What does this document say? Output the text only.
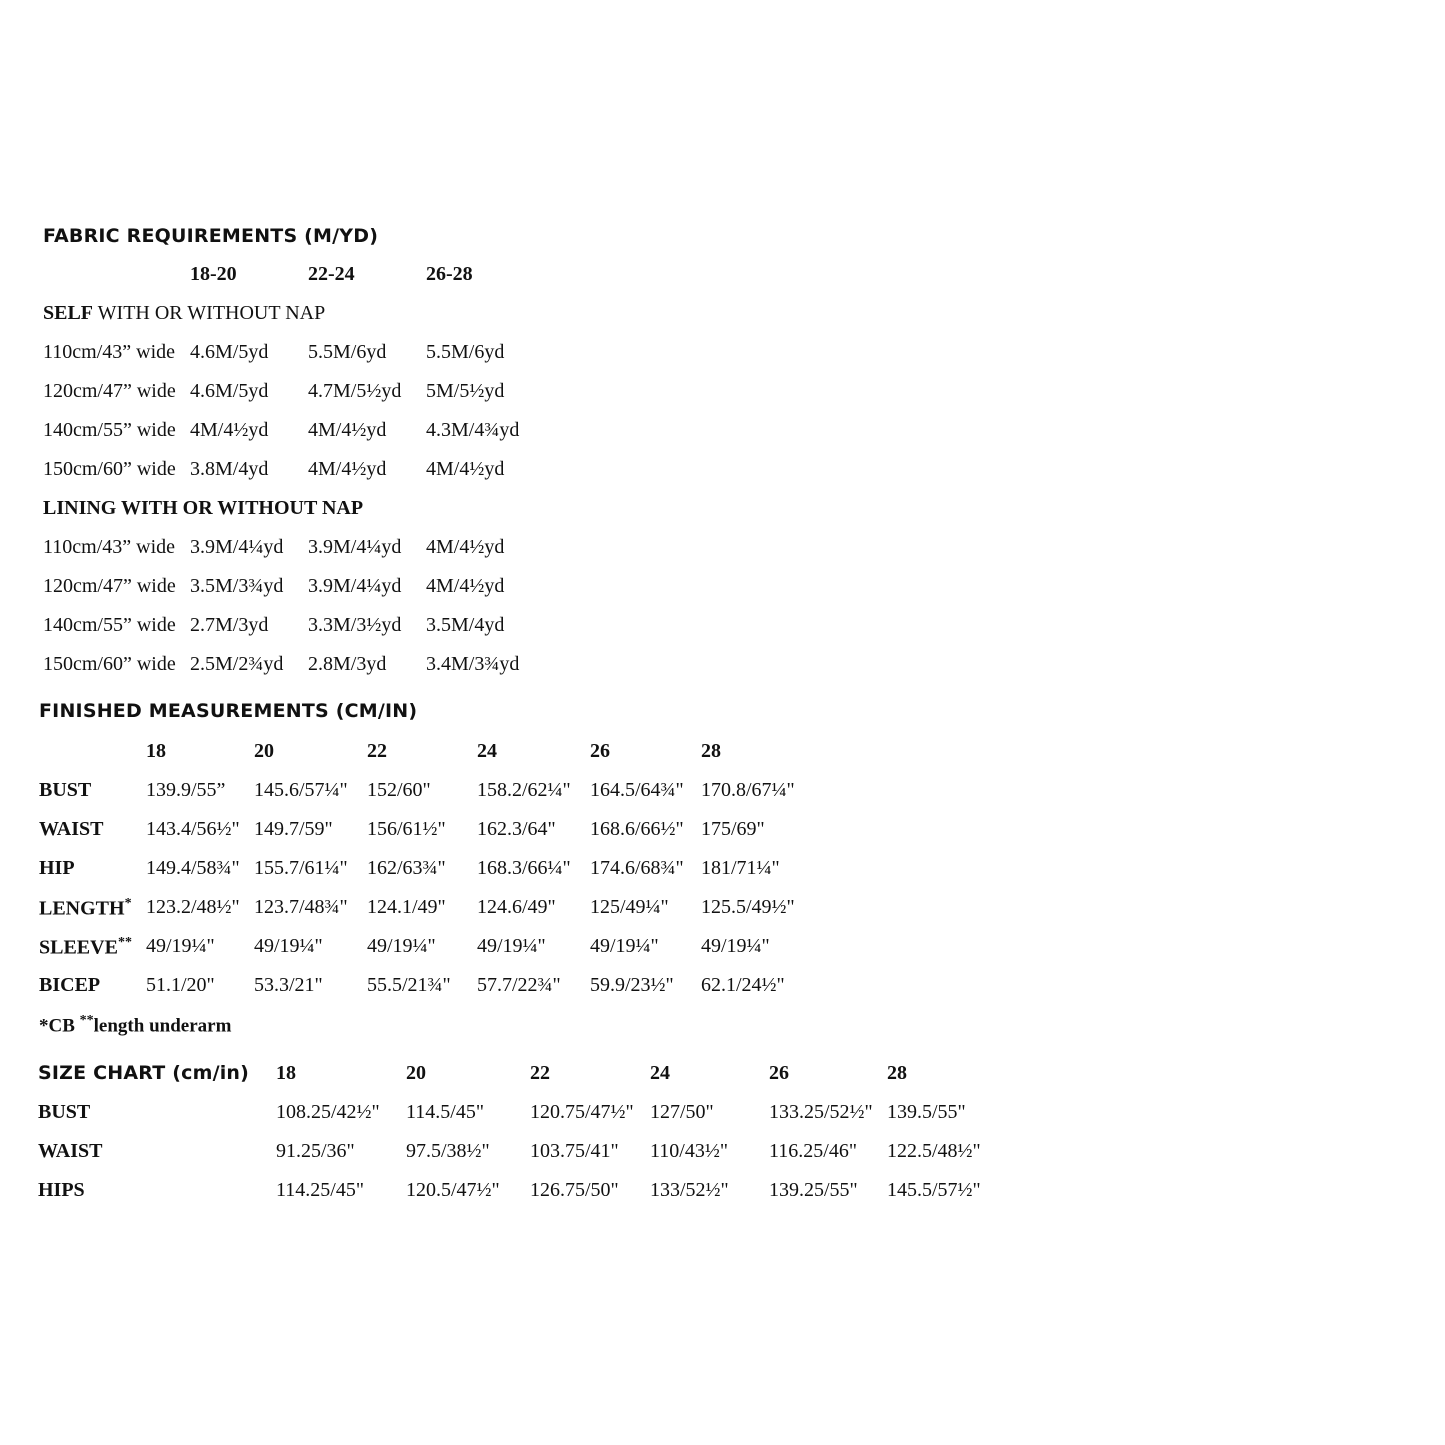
FABRIC REQUIREMENTS (M/YD)
18-20	22-24	26-28
SELF WITH OR WITHOUT NAP
110cm/43” wide 4.6M/5yd 5.5M/6yd 5.5M/6yd
120cm/47” wide 4.6M/5yd 4.7M/5½yd 5M/5½yd
140cm/55” wide 4M/4½yd 4M/4½yd 4.3M/4¾yd
150cm/60” wide 3.8M/4yd 4M/4½yd 4M/4½yd
LINING WITH OR WITHOUT NAP
110cm/43” wide 3.9M/4¼yd 3.9M/4¼yd 4M/4½yd
120cm/47” wide 3.5M/3¾yd 3.9M/4¼yd 4M/4½yd
140cm/55” wide 2.7M/3yd 3.3M/3½yd 3.5M/4yd
150cm/60” wide 2.5M/2¾yd 2.8M/3yd 3.4M/3¾yd
FINISHED MEASUREMENTS (CM/IN)
18	20	22	24	26	28
BUST	139.9/55” 145.6/57¼" 152/60" 158.2/62¼" 164.5/64¾" 170.8/67¼"
WAIST 143.4/56½" 149.7/59" 156/61½" 162.3/64" 168.6/66½" 175/69"
HIP	149.4/58¾" 155.7/61¼" 162/63¾" 168.3/66¼" 174.6/68¾" 181/71¼"
LENGTH* 123.2/48½" 123.7/48¾" 124.1/49" 124.6/49" 125/49¼" 125.5/49½"
SLEEVE** 49/19¼" 49/19¼" 49/19¼" 49/19¼" 49/19¼" 49/19¼"
BICEP 51.1/20" 53.3/21" 55.5/21¾" 57.7/22¾" 59.9/23½" 62.1/24½"
*CB **length underarm
SIZE CHART (cm/in) 18	20	22	24	26	28
BUST	108.25/42½" 114.5/45" 120.75/47½" 127/50"	133.25/52½" 139.5/55"
WAIST	91.25/36"	97.5/38½" 103.75/41" 110/43½" 116.25/46" 122.5/48½"
HIPS	114.25/45" 120.5/47½" 126.75/50" 133/52½" 139.25/55" 145.5/57½"
